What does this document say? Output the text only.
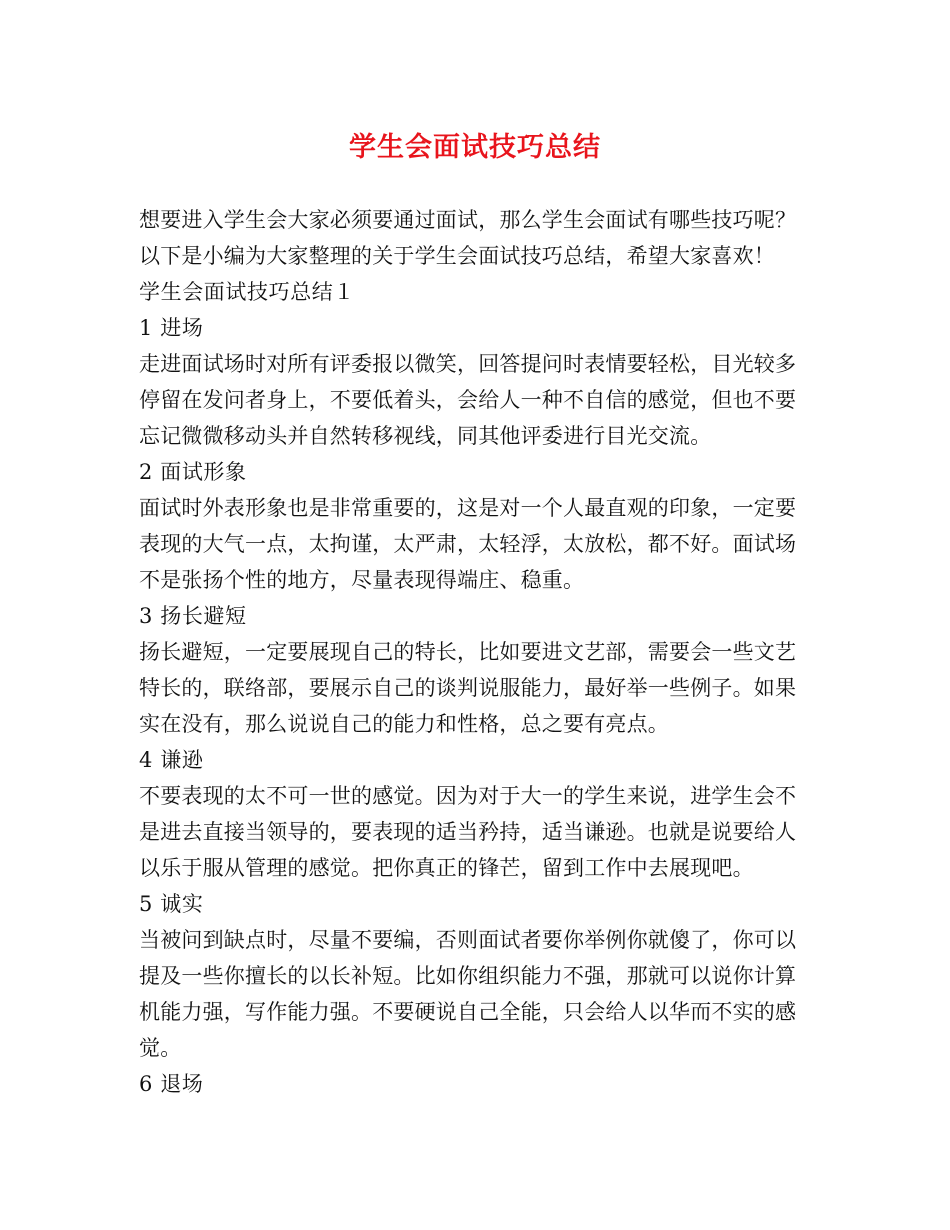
学生会面试技巧总结
想要进入学生会大家必须要通过面试，那么学生会面试有哪些技巧呢？
以下是小编为大家整理的关于学生会面试技巧总结，希望大家喜欢！
学生会面试技巧总结１
1 进场
走进面试场时对所有评委报以微笑，回答提问时表情要轻松，目光较多
停留在发问者身上，不要低着头，会给人一种不自信的感觉，但也不要
忘记微微移动头并自然转移视线，同其他评委进行目光交流。
2 面试形象
面试时外表形象也是非常重要的，这是对一个人最直观的印象，一定要
表现的大气一点，太拘谨，太严肃，太轻浮，太放松，都不好。面试场
不是张扬个性的地方，尽量表现得端庄、稳重。
3 扬长避短
扬长避短，一定要展现自己的特长，比如要进文艺部，需要会一些文艺
特长的，联络部，要展示自己的谈判说服能力，最好举一些例子。如果
实在没有，那么说说自己的能力和性格，总之要有亮点。
4 谦逊
不要表现的太不可一世的感觉。因为对于大一的学生来说，进学生会不
是进去直接当领导的，要表现的适当矜持，适当谦逊。也就是说要给人
以乐于服从管理的感觉。把你真正的锋芒，留到工作中去展现吧。
5 诚实
当被问到缺点时，尽量不要编，否则面试者要你举例你就傻了，你可以
提及一些你擅长的以长补短。比如你组织能力不强，那就可以说你计算
机能力强，写作能力强。不要硬说自己全能，只会给人以华而不实的感
觉。
6 退场
